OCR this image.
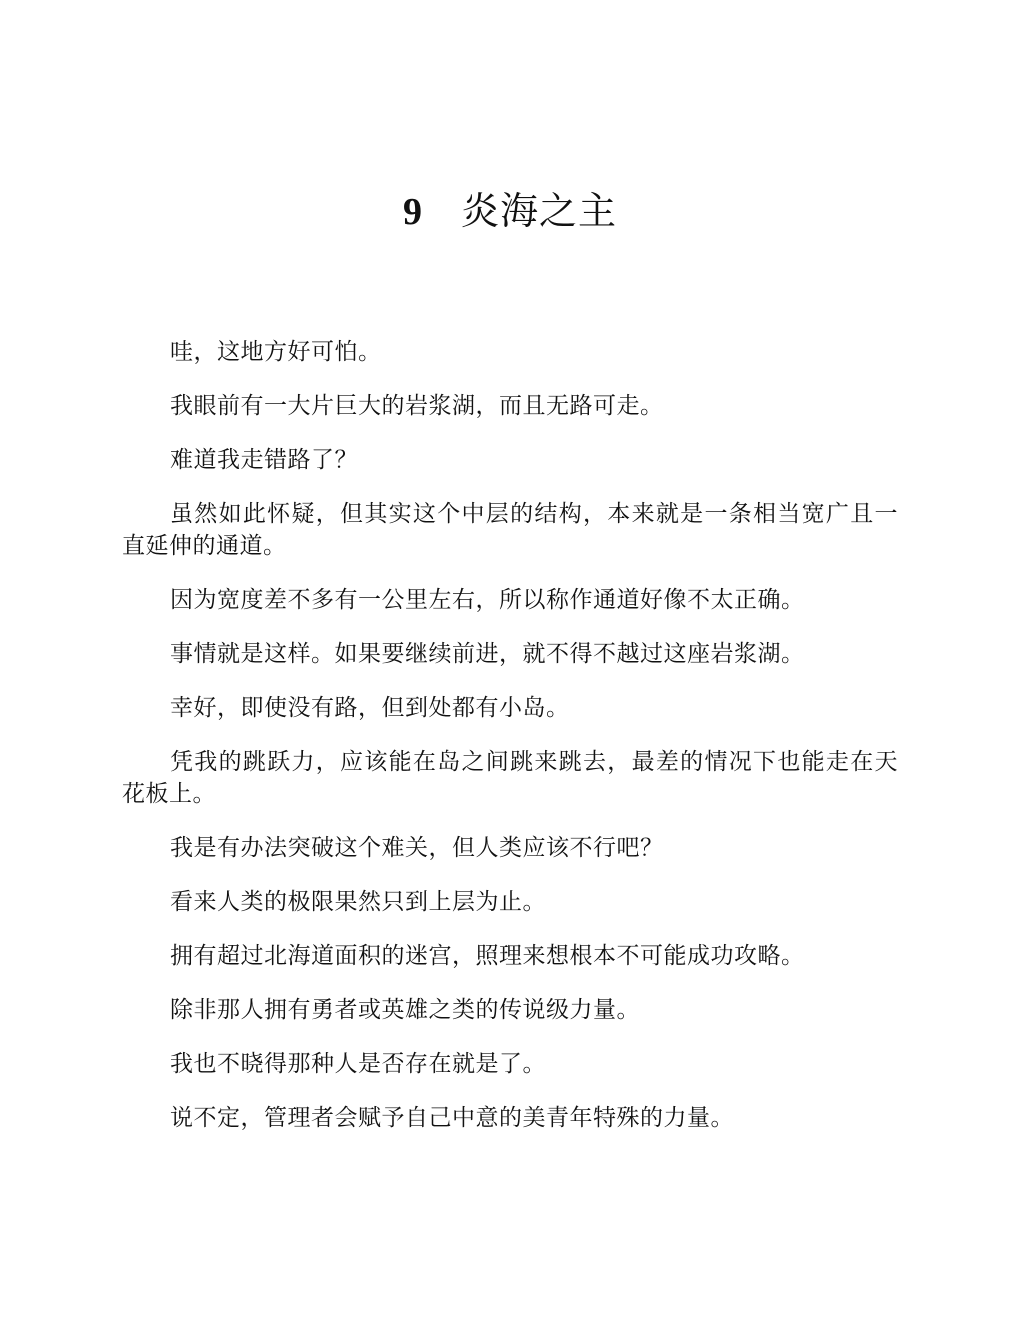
9 炎海之主

哇，这地方好可怕。

我眼前有一大片巨大的岩浆湖，而且无路可走。

难道我走错路了？

虽然如此怀疑，但其实这个中层的结构，本来就是一条相当宽广且一直延伸的通道。

因为宽度差不多有一公里左右，所以称作通道好像不太正确。

事情就是这样。如果要继续前进，就不得不越过这座岩浆湖。

幸好，即使没有路，但到处都有小岛。

凭我的跳跃力，应该能在岛之间跳来跳去，最差的情况下也能走在天花板上。

我是有办法突破这个难关，但人类应该不行吧？

看来人类的极限果然只到上层为止。

拥有超过北海道面积的迷宫，照理来想根本不可能成功攻略。

除非那人拥有勇者或英雄之类的传说级力量。

我也不晓得那种人是否存在就是了。

说不定，管理者会赋予自己中意的美青年特殊的力量。
